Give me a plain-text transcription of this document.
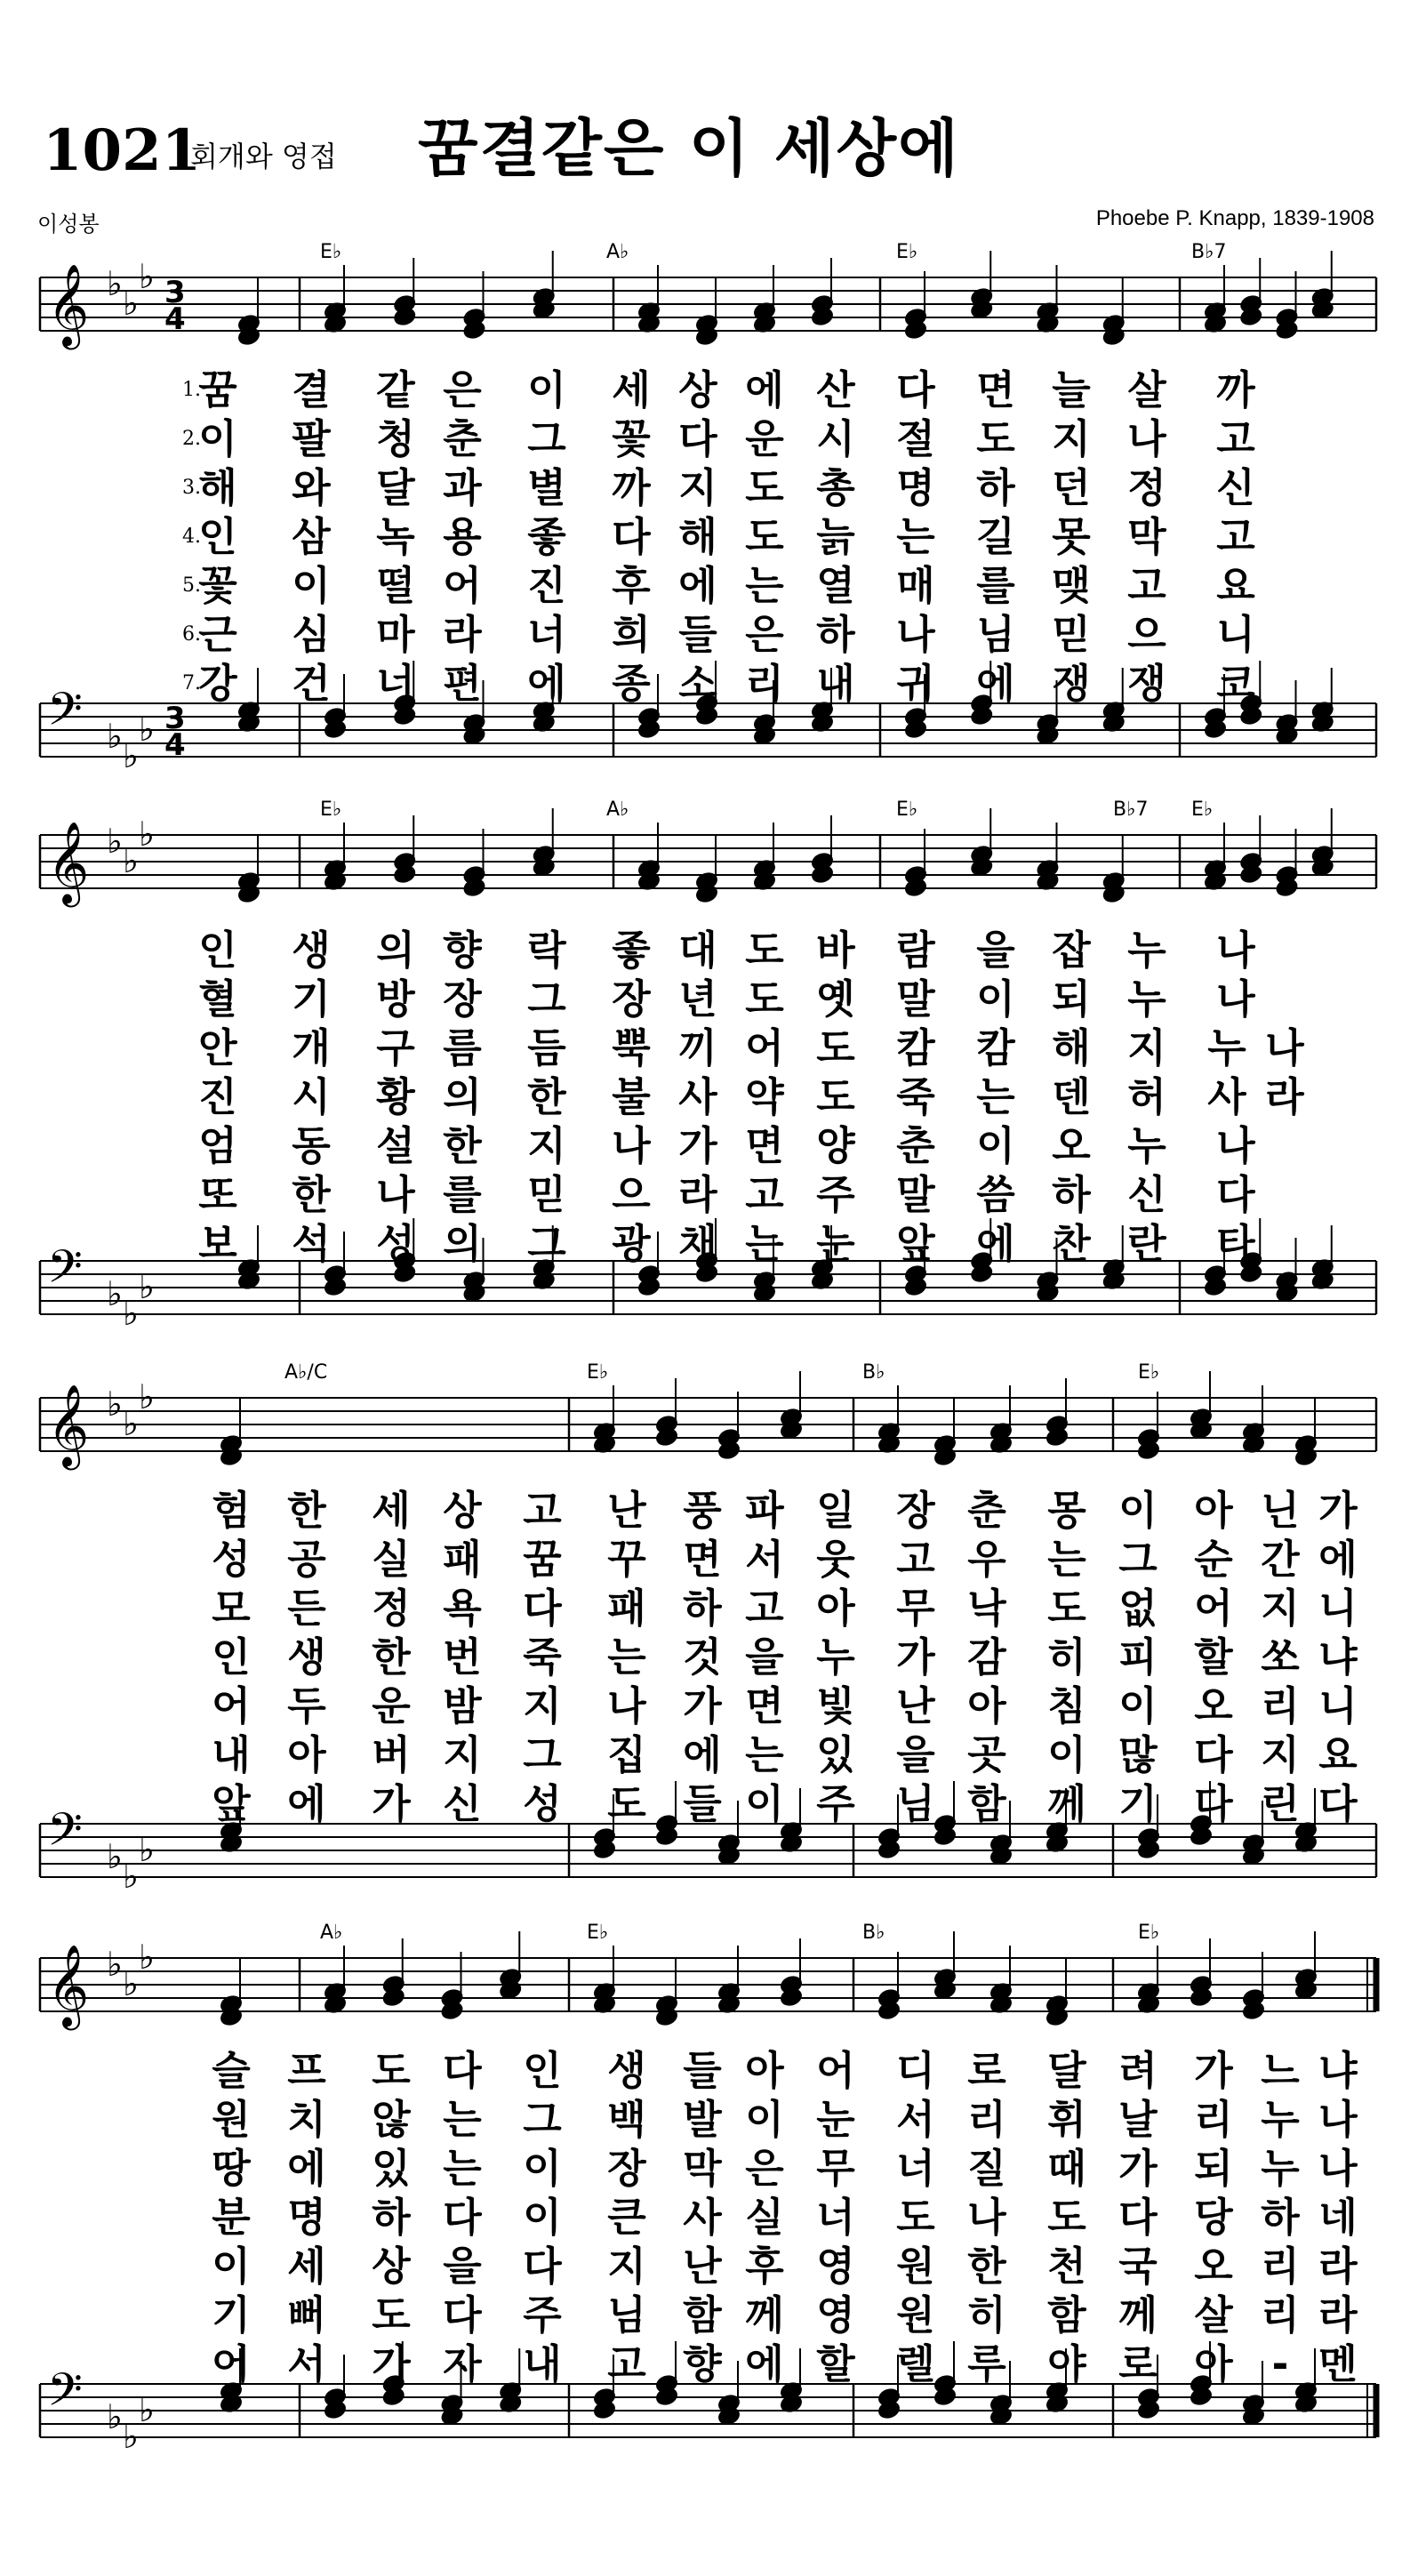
1021
회개와 영접 꿈결같은 이 세상에
이성봉	Phoebe P. Knapp, 1839-1908
E♭	A♭	E♭	B♭7
𝄞 ♭ ♭
♭ 3
4
𝄢 ♭ ♭
♭ 3
4
E♭	A♭	E♭	B♭7 E♭
𝄞 ♭ ♭
♭
𝄢 ♭ ♭
♭
A♭/C	E♭	B♭	E♭
𝄞 ♭ ♭
♭
𝄢 ♭ ♭
♭
A♭	E♭	B♭	E♭
𝄞 ♭ ♭
♭
𝄢 ♭ ♭
♭
1.
꿈 결 같 은 이 세 상 에 산 다 면 늘 살 까
2.
이 팔 청 춘 그 꽃 다 운 시 절 도 지 나 고
3.
해 와 달 과 별 까 지 도 총 명 하 던 정 신
4.
인 삼 녹 용 좋 다 해 도 늙 는 길 못 막 고
5.
꽃 이 떨 어 진 후 에 는 열 매 를 맺 고 요
6.
근 심 마 라 너 희 들 은 하 나 님 믿 으 니
7.
강 건 너 편 에 종 소 리 내 귀 에 쟁 쟁 코
인 생 의 향 락 좋 대 도 바 람 을 잡 누 나
혈 기 방 장 그 장 년 도 옛 말 이 되 누 나
안 개 구 름 듬 뿍 끼 어 도 캄 캄 해 지 누 나
진 시 황 의 한 불 사 약 도 죽 는 덴 허 사 라
엄 동 설 한 지 나 가 면 양 춘 이 오 누 나
또 한 나 를 믿 으 라 고 주 말 씀 하 신 다
보 석 성 의 그 광 채 는 눈 앞 에 찬 란 타
험 한 세 상 고 난 풍 파 일 장 춘 몽 이 아 닌 가
성 공 실 패 꿈 꾸 면 서 웃 고 우 는 그 순 간 에
모 든 정 욕 다 패 하 고 아 무 낙 도 없 어 지 니
인 생 한 번 죽 는 것 을 누 가 감 히 피 할 쏘 냐
어 두 운 밤 지 나 가 면 빛 난 아 침 이 오 리 니
내 아 버 지 그 집 에 는 있 을 곳 이 많 다 지 요
앞 에 가 신 성 도 들 이 주 님 함 께 기 다 린 다
슬 프 도 다 인 생 들 아 어 디 로 달 려 가 느 냐
원 치 않 는 그 백 발 이 눈 서 리 휘 날 리 누 나
땅 에 있 는 이 장 막 은 무 너 질 때 가 되 누 나
분 명 하 다 이 큰 사 실 너 도 나 도 다 당 하 네
이 세 상 을 다 지 난 후 영 원 한 천 국 오 리 라
기 뻐 도 다 주 님 함 께 영 원 히 함 께 살 리 라
어 서 가 자 내 고 향 에 할 렐 루 야 로 아 - 멘
